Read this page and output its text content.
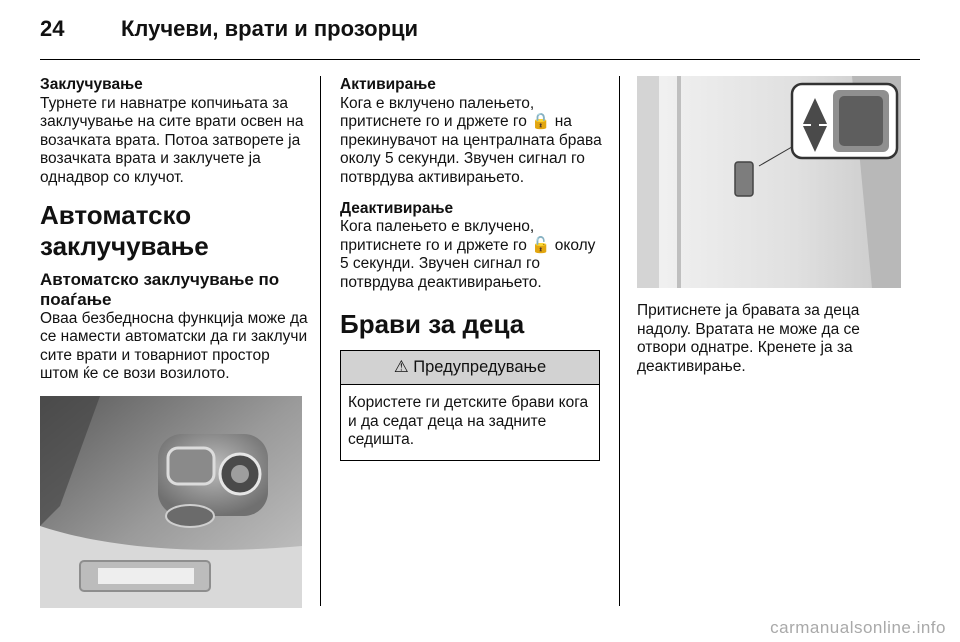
24	Клучеви, врати и прозорци

Заклучување

Турнете ги навнатре копчињата за заклучување на сите врати освен на возачката врата. Потоа затворете ја возачката врата и заклучете ја однадвор со клучот.

Автоматско заклучување
Автоматско заклучување по поаѓање

Оваа безбедносна функција може да се намести автоматски да ги заклучи сите врати и товарниот простор штом ќе се вози возилото.

Активирање

Кога е вклучено палењето, притиснете го и држете го 🔒 на прекинувачот на централната брава околу 5 секунди. Звучен сигнал го потврдува активирањето.

Деактивирање

Кога палењето е вклучено, притиснете го и држете го 🔓 околу 5 секунди. Звучен сигнал го потврдува деактивирањето.

Брави за деца
⚠ Предупредување
Користете ги детските брави кога и да седат деца на задните седишта.

Притиснете ја бравата за деца надолу. Вратата не може да се отвори однатре. Кренете ја за деактивирање.

carmanualsonline.info
